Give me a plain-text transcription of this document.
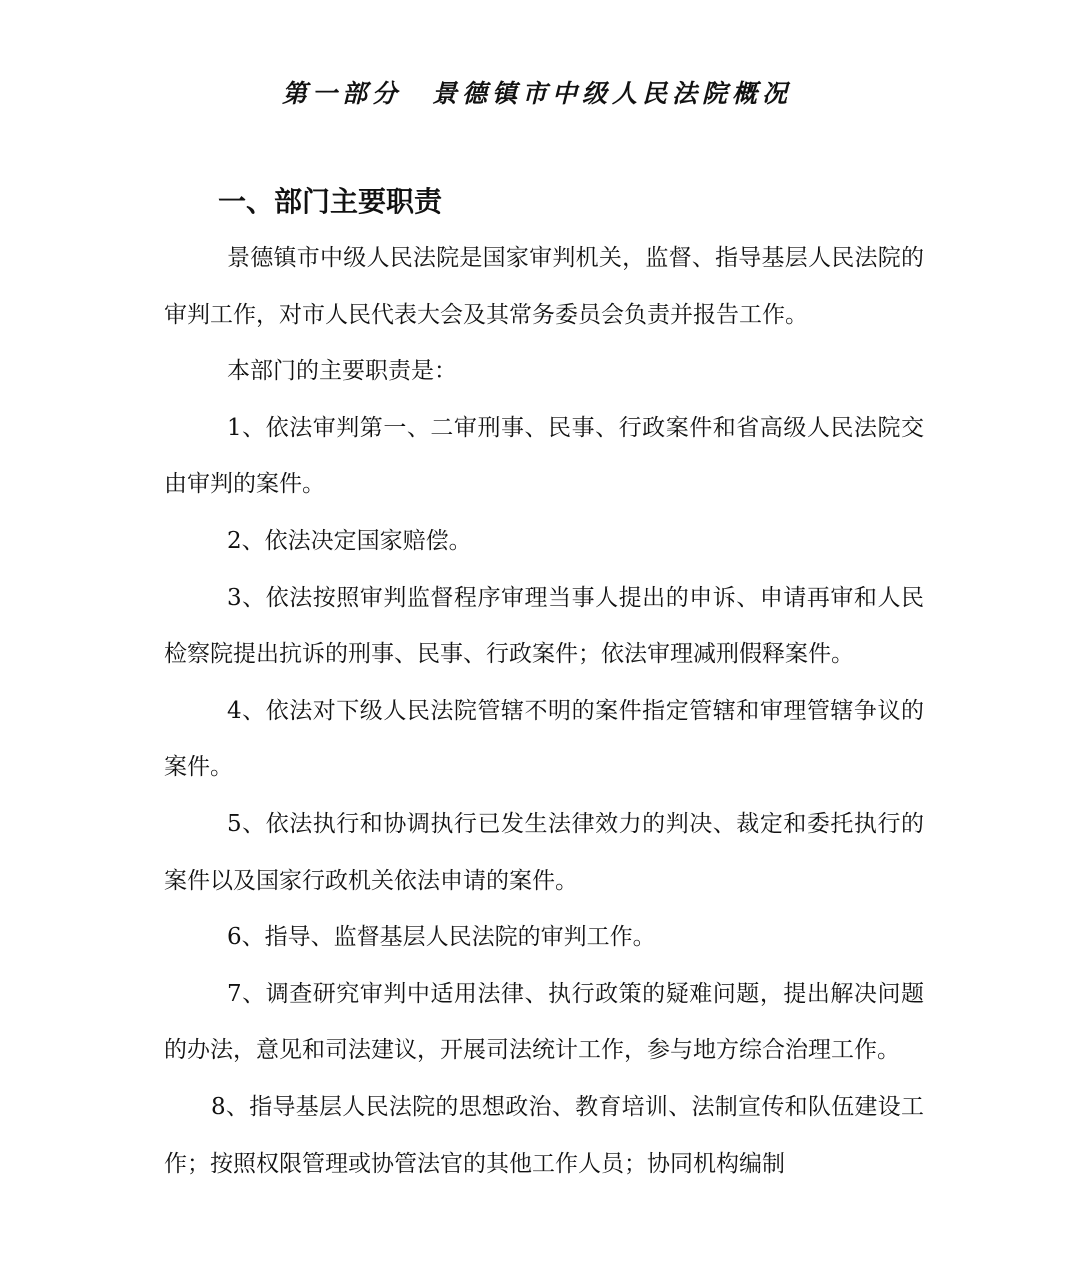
第一部分　景德镇市中级人民法院概况
一、部门主要职责

景德镇市中级人民法院是国家审判机关，监督、指导基层人民法院的审判工作，对市人民代表大会及其常务委员会负责并报告工作。

本部门的主要职责是：

1、依法审判第一、二审刑事、民事、行政案件和省高级人民法院交由审判的案件。

2、依法决定国家赔偿。

3、依法按照审判监督程序审理当事人提出的申诉、申请再审和人民检察院提出抗诉的刑事、民事、行政案件；依法审理减刑假释案件。

4、依法对下级人民法院管辖不明的案件指定管辖和审理管辖争议的案件。

5、依法执行和协调执行已发生法律效力的判决、裁定和委托执行的案件以及国家行政机关依法申请的案件。

6、指导、监督基层人民法院的审判工作。

7、调查研究审判中适用法律、执行政策的疑难问题，提出解决问题的办法，意见和司法建议，开展司法统计工作，参与地方综合治理工作。

8、指导基层人民法院的思想政治、教育培训、法制宣传和队伍建设工作；按照权限管理或协管法官的其他工作人员；协同机构编制
